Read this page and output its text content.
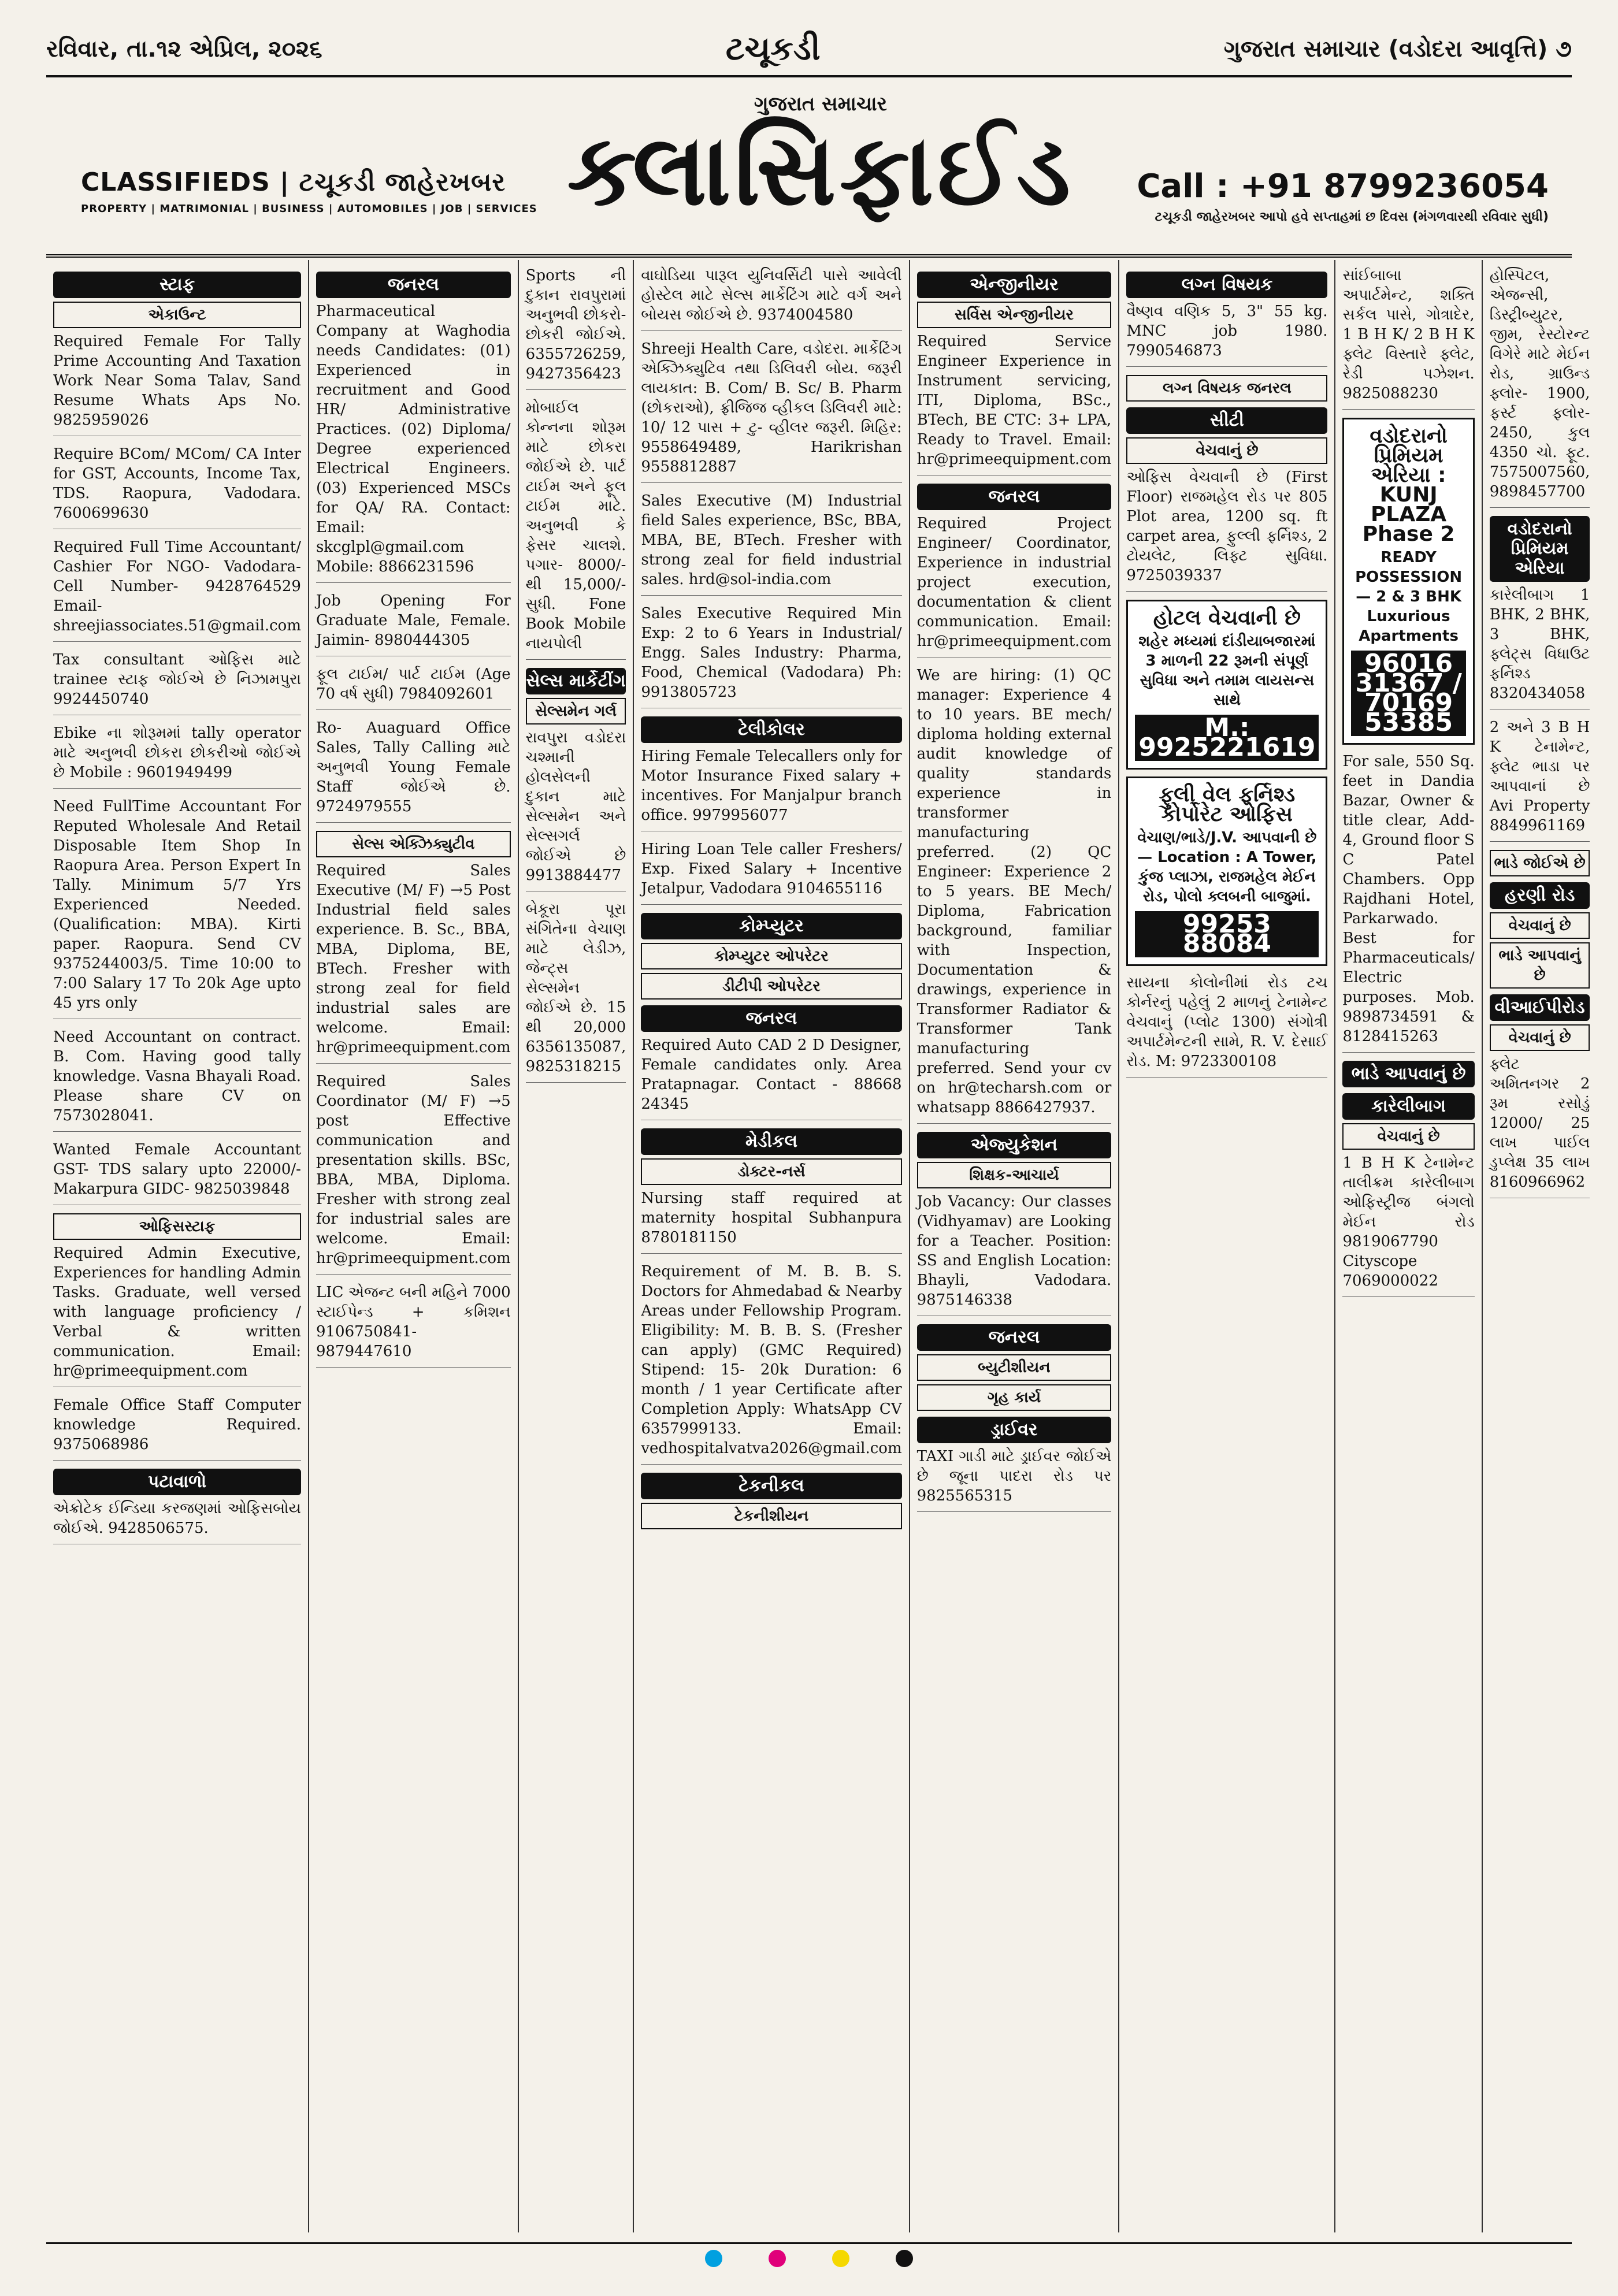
રવિવાર, તા.૧૨ એપ્રિલ, ૨૦૨૬	ટચૂકડી	ગુજરાત સમાચાર (વડોદરા આવૃત્તિ) ૭
CLASSIFIEDS | ટચૂકડી જાહેરખબર
PROPERTY | MATRIMONIAL | BUSINESS | AUTOMOBILES | JOB | SERVICES
ગુજરાત સમાચાર
ક્લાસિફાઈડ	Call : +91 8799236054
ટચૂકડી જાહેરખબર આપો હવે સપ્તાહમાં છ દિવસ (મંગળવારથી રવિવાર સુધી)
સ્ટાફ
એકાઉન્ટ
Required Female For Tally Prime Accounting And Taxation Work Near Soma Talav, Sand Resume Whats Aps No. 9825959026
Require BCom/ MCom/ CA Inter for GST, Accounts, Income Tax, TDS. Raopura, Vadodara. 7600699630
Required Full Time Accountant/ Cashier For NGO- Vadodara- Cell Number- 9428764529 Email- shreejiassociates.51@gmail.com
Tax consultant ઓફિસ માટે trainee સ્ટાફ જોઈએ છે નિઝામપુરા 9924450740
Ebike ના શોરૂમમાં tally operator માટે અનુભવી છોકરા છોકરીઓ જોઈએ છે Mobile : 9601949499
Need FullTime Accountant For Reputed Wholesale And Retail Disposable Item Shop In Raopura Area. Person Expert In Tally. Minimum 5/7 Yrs Experienced Needed. (Qualification: MBA). Kirti paper. Raopura. Send CV 9375244003/5. Time 10:00 to 7:00 Salary 17 To 20k Age upto 45 yrs only
Need Accountant on contract. B. Com. Having good tally knowledge. Vasna Bhayali Road. Please share CV on 7573028041.
Wanted Female Accountant GST- TDS salary upto 22000/- Makarpura GIDC- 9825039848
ઓફિસસ્ટાફ
Required Admin Executive, Experiences for handling Admin Tasks. Graduate, well versed with language proficiency / Verbal & written communication. Email: hr@primeequipment.com
Female Office Staff Computer knowledge Required. 9375068986
પટાવાળો
એક્રોટેક ઈન્ડિયા કરજણમાં ઓફિસબોય જોઈએ. 9428506575.
જનરલ
Pharmaceutical Company at Waghodia needs Candidates: (01) Experienced in recruitment and Good HR/ Administrative Practices. (02) Diploma/ Degree experienced Electrical Engineers. (03) Experienced MSCs for QA/ RA. Contact: Email: skcglpl@gmail.com Mobile: 8866231596
Job Opening For Graduate Male, Female. Jaimin- 8980444305
ફૂલ ટાઈમ/ પાર્ટ ટાઈમ (Age 70 વર્ષ સુધી) 7984092601
Ro- Auaguard Office Sales, Tally Calling માટે અનુભવી Young Female Staff જોઈએ છે. 9724979555
સેલ્સ એક્ઝિક્યુટીવ
Required Sales Executive (M/ F) →5 Post Industrial field sales experience. B. Sc., BBA, MBA, Diploma, BE, BTech. Fresher with strong zeal for field industrial sales are welcome. Email: hr@primeequipment.com
Required Sales Coordinator (M/ F) →5 post Effective communication and presentation skills. BSc, BBA, MBA, Diploma. Fresher with strong zeal for industrial sales are welcome. Email: hr@primeequipment.com
LIC એજન્ટ બની મહિને 7000 સ્ટાઈપેન્ડ + કમિશન 9106750841- 9879447610
Sports ની દુકાન રાવપુરામાં અનુભવી છોકરો- છોકરી જોઈએ. 6355726259, 9427356423
મોબાઈલ કોન્નના શોરૂમ માટે છોકરા જોઈએ છે. પાર્ટ ટાઈમ અને ફૂલ ટાઈમ માટે. અનુભવી કે ફેસર ચાલશે. પગાર- 8000/- થી 15,000/- સુધી. Fone Book Mobile નાયપોલી
સેલ્સ માર્કેટીંગ
સેલ્સમેન ગર્લ
રાવપુરા વડોદરા ચશ્માની હોલસેલની દુકાન માટે સેલ્સમેન અને સેલ્સગર્લ જોઈએ છે 9913884477
બેકૂરા પૂરા સંગિતેના વેચાણ માટે લેડીઝ, જેન્ટ્સ સેલ્સમેન જોઈએ છે. 15 થી 20,000 6356135087, 9825318215
વાઘોડિયા પારૂલ યુનિવર્સિટી પાસે આવેલી હોસ્ટેલ માટે સેલ્સ માર્કેટિંગ માટે વર્ગ અને બોયસ જોઈએ છે. 9374004580
Shreeji Health Care, વડોદરા. માર્કેટિંગ એક્ઝિક્યુટિવ તથા ડિલિવરી બોય. જરૂરી લાયકાત: B. Com/ B. Sc/ B. Pharm (છોકરાઓ), ફ્રીજિજ વ્હીકલ ડિલિવરી માટે: 10/ 12 પાસ + ટુ- વ્હીલર જરૂરી. મિહિર: 9558649489, Harikrishan 9558812887
Sales Executive (M) Industrial field Sales experience, BSc, BBA, MBA, BE, BTech. Fresher with strong zeal for field industrial sales. hrd@sol-india.com
Sales Executive Required Min Exp: 2 to 6 Years in Industrial/ Engg. Sales Industry: Pharma, Food, Chemical (Vadodara) Ph: 9913805723
ટેલીકોલર
Hiring Female Telecallers only for Motor Insurance Fixed salary + incentives. For Manjalpur branch office. 9979956077
Hiring Loan Tele caller Freshers/ Exp. Fixed Salary + Incentive Jetalpur, Vadodara 9104655116
કોમ્પ્યુટર
કોમ્પ્યુટર ઓપરેટર
ડીટીપી ઓપરેટર
જનરલ
Required Auto CAD 2 D Designer, Female candidates only. Area Pratapnagar. Contact - 88668 24345
મેડીકલ
ડોક્ટર-નર્સ
Nursing staff required at maternity hospital Subhanpura 8780181150
Requirement of M. B. B. S. Doctors for Ahmedabad & Nearby Areas under Fellowship Program. Eligibility: M. B. B. S. (Fresher can apply) (GMC Required) Stipend: 15- 20k Duration: 6 month / 1 year Certificate after Completion Apply: WhatsApp CV 6357999133. Email: vedhospitalvatva2026@gmail.com
ટેકનીકલ
ટેકનીશીયન
એન્જીનીયર
સર્વિસ એન્જીનીયર
Required Service Engineer Experience in Instrument servicing, ITI, Diploma, BSc., BTech, BE CTC: 3+ LPA, Ready to Travel. Email: hr@primeequipment.com
જનરલ
Required Project Engineer/ Coordinator, Experience in industrial project execution, documentation & client communication. Email: hr@primeequipment.com
We are hiring: (1) QC manager: Experience 4 to 10 years. BE mech/ diploma holding external audit knowledge of quality standards experience in transformer manufacturing preferred. (2) QC Engineer: Experience 2 to 5 years. BE Mech/ Diploma, Fabrication background, familiar with Inspection, Documentation & drawings, experience in Transformer Radiator & Transformer Tank manufacturing preferred. Send your cv on hr@techarsh.com or whatsapp 8866427937.
એજ્યુકેશન
શિક્ષક-આચાર્ય
Job Vacancy: Our classes (Vidhyamav) are Looking for a Teacher. Position: SS and English Location: Bhayli, Vadodara. 9875146338
જનરલ
બ્યુટીશીયન
ગૃહ કાર્ય
ડ્રાઈવર
TAXI ગાડી માટે ડ્રાઈવર જોઈએ છે જૂના પાદરા રોડ પર 9825565315
લગ્ન વિષયક
વૈષ્ણવ વણિક 5, 3" 55 kg. MNC job 1980. 7990546873
લગ્ન વિષયક જનરલ
સીટી
વેચવાનું છે
ઓફિસ વેચવાની છે (First Floor) રાજમહેલ રોડ પર 805 Plot area, 1200 sq. ft carpet area, ફુલ્લી ફર્નિશ્ડ, 2 ટોયલેટ, લિફ્ટ સુવિધા. 9725039337
હોટલ વેચવાની છે
શહેર મધ્યમાં દાંડીયાબજારમાં 3 માળની 22 રૂમની સંપૂર્ણ સુવિધા અને તમામ લાયસન્સ સાથે
M.: 9925221619
ફુલી વેલ ફર્નિશ્ડ કોર્પોરેટ ઓફિસ
વેચાણ/ભાડે/J.V. આપવાની છે — Location : A Tower, કુંજ પ્લાઝા, રાજમહેલ મેઈન રોડ, પોલો ક્લબની બાજુમાં.
99253 88084
સાયના કોલોનીમાં રોડ ટચ કોર્નરનું પહેલું 2 માળનું ટેનામેન્ટ વેચવાનું (પ્લોટ 1300) સંગોત્રી અપાર્ટમેન્ટની સામે, R. V. દેસાઈ રોડ. M: 9723300108
સાંઈબાબા અપાર્ટમેન્ટ, શક્તિ સર્કલ પાસે, ગોત્રાદેર, 1 B H K/ 2 B H K ફ્લેટ વિસ્તારે ફ્લેટ, રેડી પઝેશન. 9825088230
વડોદરાનો પ્રિમિયમ એરિયા : KUNJ PLAZA Phase 2
READY POSSESSION — 2 & 3 BHK Luxurious Apartments
96016 31367 / 70169 53385
For sale, 550 Sq. feet in Dandia Bazar, Owner & title clear, Add- 4, Ground floor S C Patel Chambers. Opp Rajdhani Hotel, Parkarwado. Best for Pharmaceuticals/ Electric purposes. Mob. 9898734591 & 8128415263
ભાડે આપવાનું છે
કારેલીબાગ
વેચવાનું છે
1 B H K ટેનામેન્ટ તાલીક્રમ કારેલીબાગ ઓફિસ્ટ્રીજ બંગલો મેઈન રોડ 9819067790 Cityscope 7069000022
હોસ્પિટલ, એજન્સી, ડિસ્ટ્રીબ્યુટર, જીમ, રેસ્ટોરન્ટ વિગેરે માટે મેઈન રોડ, ગ્રાઉન્ડ ફ્લોર- 1900, ફર્સ્ટ ફ્લોર- 2450, કુલ 4350 ચો. ફૂટ. 7575007560, 9898457700
વડોદરાનો પ્રિમિયમ એરિયા
કારેલીબાગ 1 BHK, 2 BHK, 3 BHK, ફ્લેટ્સ વિધાઉટ ફર્નિશ્ડ 8320434058
2 અને 3 B H K ટેનામેન્ટ, ફ્લેટ ભાડા પર આપવાનાં છે Avi Property 8849961169
ભાડે જોઈએ છે
હરણી રોડ
વેચવાનું છે
ભાડે આપવાનું છે
વીઆઈપીરોડ
વેચવાનું છે
ફ્લેટ અમિતનગર 2 રૂમ રસોડું 12000/ 25 લાખ પાઈલ ડુપ્લેક્ષ 35 લાખ 8160966962
